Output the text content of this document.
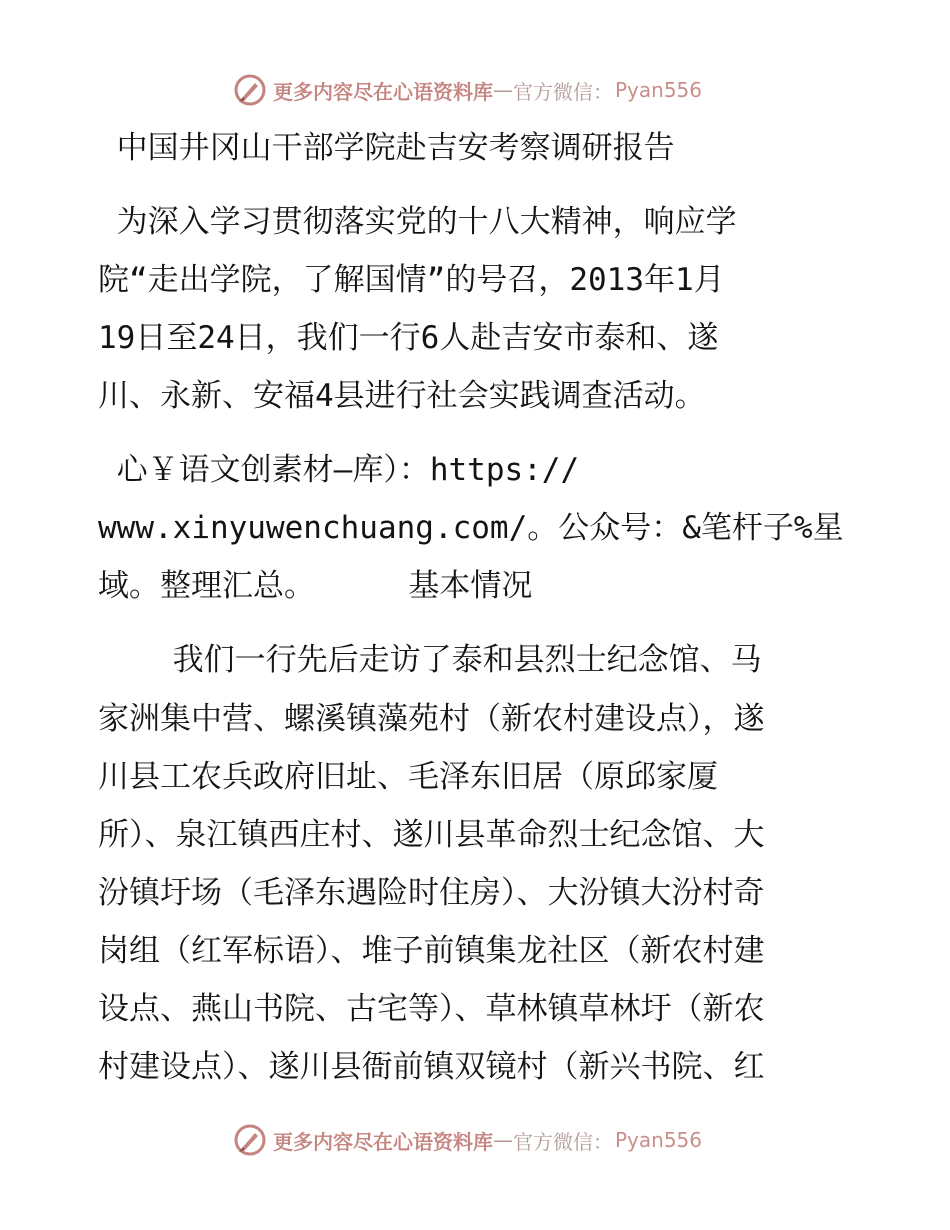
更多内容尽在心语资料库 — 官方微信： Pyan556
中国井冈山干部学院赴吉安考察调研报告
为深入学习贯彻落实党的十八大精神，响应学
院“走出学院，了解国情”的号召，2013年1月
19日至24日，我们一行6人赴吉安市泰和、遂
川、永新、安福4县进行社会实践调查活动。
心￥语文创素材—库）：https://
www.xinyuwenchuang.com/。公众号：&笔杆子%星
域。整理汇总。     基本情况
我们一行先后走访了泰和县烈士纪念馆、马
家洲集中营、螺溪镇藻苑村（新农村建设点），遂
川县工农兵政府旧址、毛泽东旧居（原邱家厦
所）、泉江镇西庄村、遂川县革命烈士纪念馆、大
汾镇圩场（毛泽东遇险时住房）、大汾镇大汾村奇
岗组（红军标语）、堆子前镇集龙社区（新农村建
设点、燕山书院、古宅等）、草林镇草林圩（新农
村建设点）、遂川县衙前镇双镜村（新兴书院、红
更多内容尽在心语资料库 — 官方微信： Pyan556
